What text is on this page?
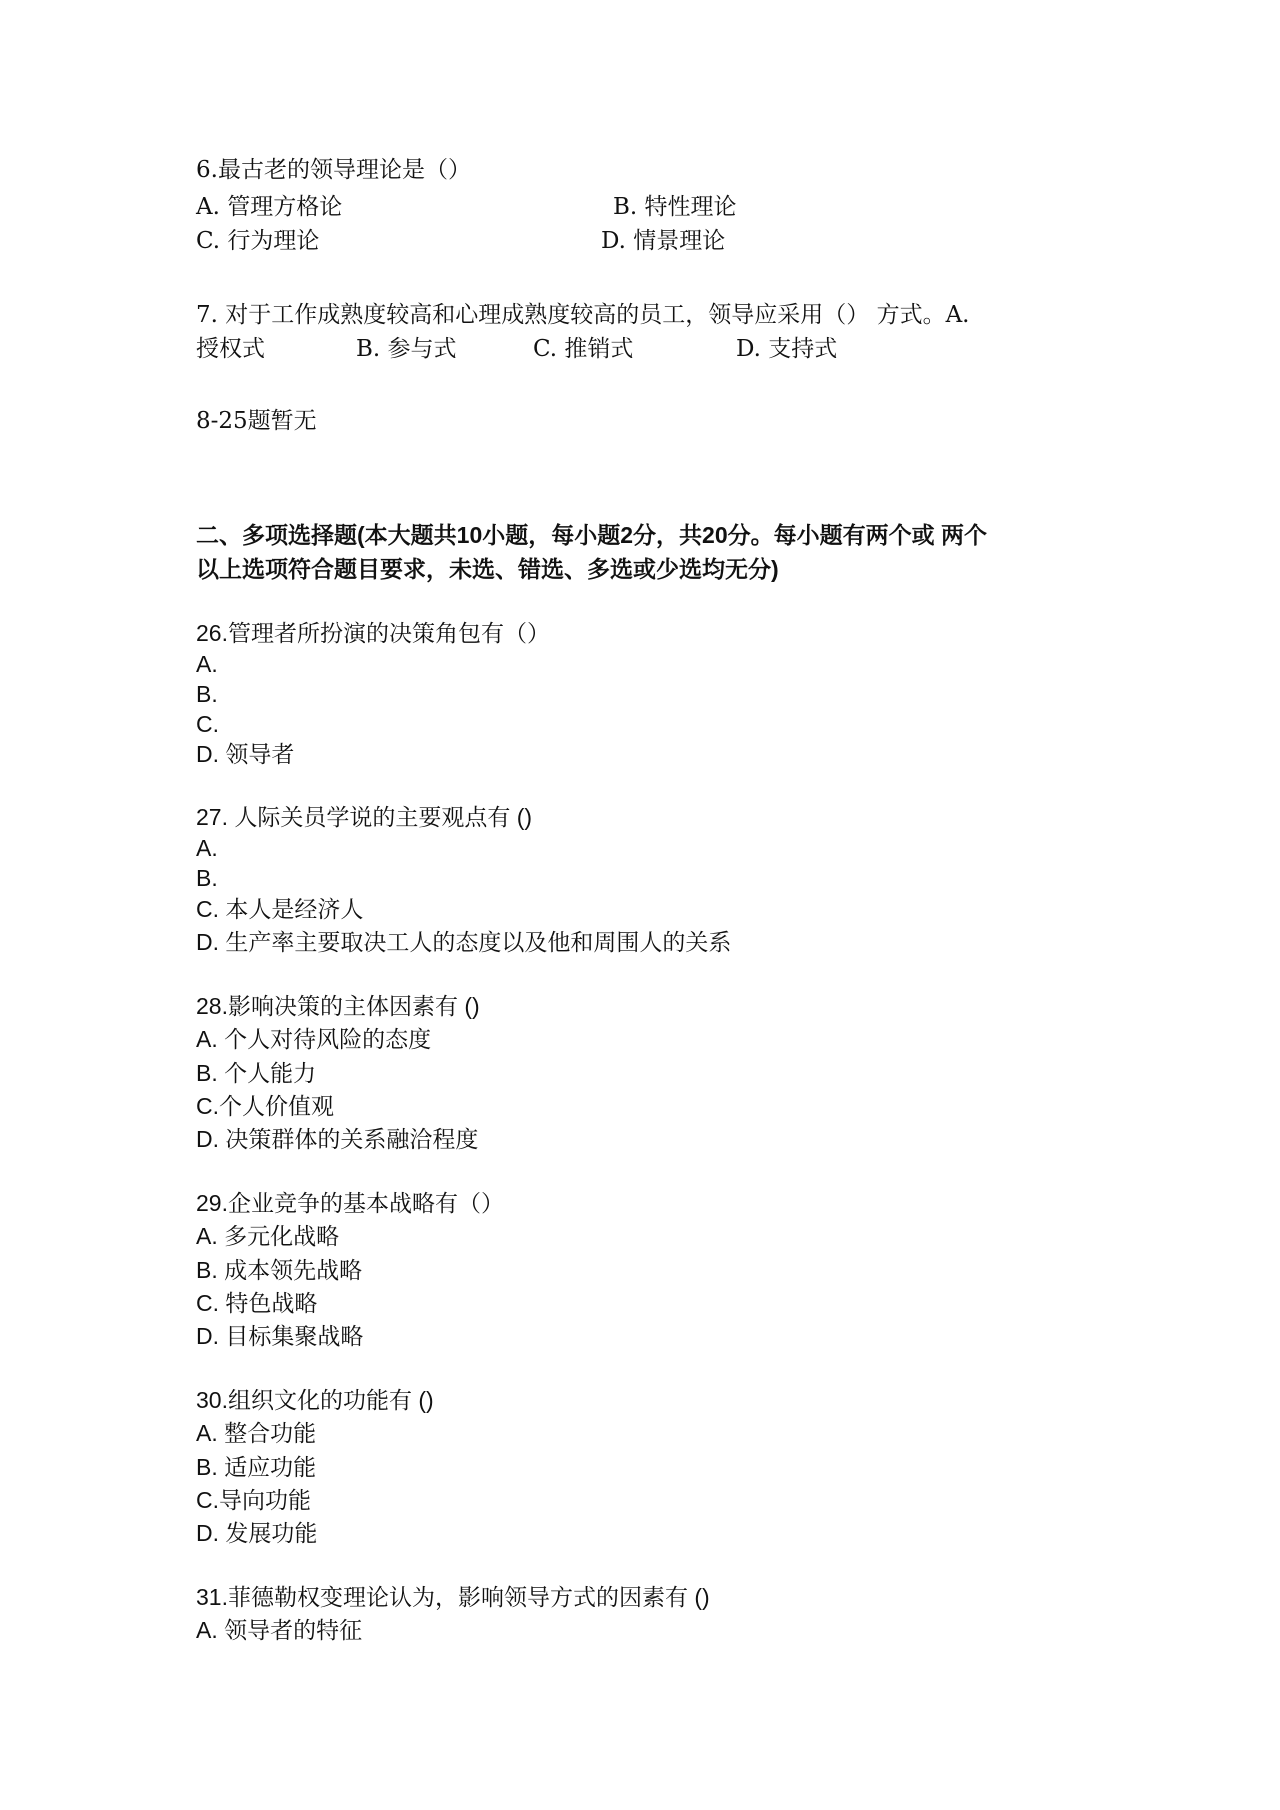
6.最古老的领导理论是（）
A. 管理方格论	B. 特性理论
C. 行为理论	D. 情景理论
7. 对于工作成熟度较高和心理成熟度较高的员工，领导应采用（） 方式。A.
授权式	B. 参与式	C. 推销式	D. 支持式
8-25题暂无
二、多项选择题(本大题共10小题，每小题2分，共20分。每小题有两个或 两个
以上选项符合题目要求，未选、错选、多选或少选均无分)
26.管理者所扮演的决策角包有（）
A.
B.
C.
D. 领导者
27. 人际关员学说的主要观点有 ()
A.
B.
C. 本人是经济人
D. 生产率主要取决工人的态度以及他和周围人的关系
28.影响决策的主体因素有 ()
A. 个人对待风险的态度
B. 个人能力
C.个人价值观
D. 决策群体的关系融洽程度
29.企业竞争的基本战略有（）
A. 多元化战略
B. 成本领先战略
C. 特色战略
D. 目标集聚战略
30.组织文化的功能有 ()
A. 整合功能
B. 适应功能
C.导向功能
D. 发展功能
31.菲德勒权变理论认为，影响领导方式的因素有 ()
A. 领导者的特征
